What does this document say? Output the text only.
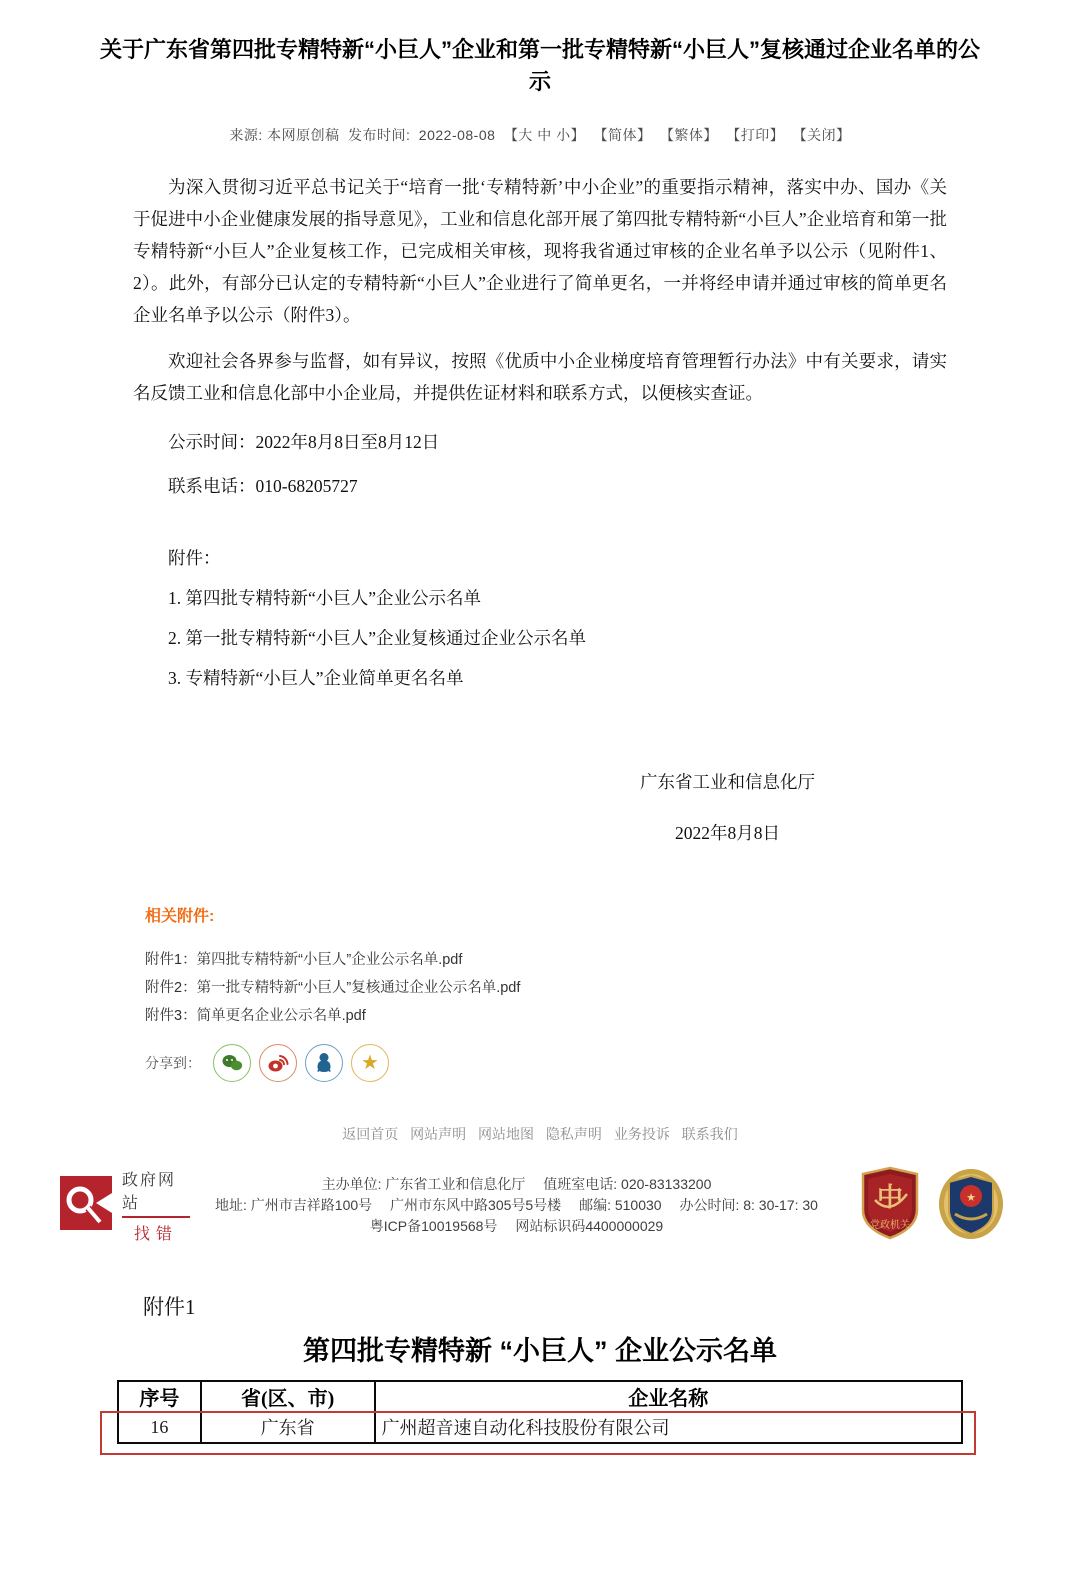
关于广东省第四批专精特新“小巨人”企业和第一批专精特新“小巨人”复核通过企业名单的公示
来源: 本网原创稿 发布时间: 2022-08-08 【大 中 小】 【简体】 【繁体】 【打印】 【关闭】

为深入贯彻习近平总书记关于“培育一批‘专精特新’中小企业”的重要指示精神，落实中办、国办《关于促进中小企业健康发展的指导意见》，工业和信息化部开展了第四批专精特新“小巨人”企业培育和第一批专精特新“小巨人”企业复核工作，已完成相关审核，现将我省通过审核的企业名单予以公示（见附件1、2）。此外，有部分已认定的专精特新“小巨人”企业进行了简单更名，一并将经申请并通过审核的简单更名企业名单予以公示（附件3）。

欢迎社会各界参与监督，如有异议，按照《优质中小企业梯度培育管理暂行办法》中有关要求，请实名反馈工业和信息化部中小企业局，并提供佐证材料和联系方式，以便核实查证。

公示时间：2022年8月8日至8月12日

联系电话：010-68205727

附件：

1. 第四批专精特新“小巨人”企业公示名单

2. 第一批专精特新“小巨人”企业复核通过企业公示名单

3. 专精特新“小巨人”企业简单更名名单

广东省工业和信息化厅
2022年8月8日
相关附件:
附件1：第四批专精特新“小巨人”企业公示名单.pdf
附件2：第一批专精特新“小巨人”复核通过企业公示名单.pdf
附件3：简单更名企业公示名单.pdf
分享到：	★
返回首页 网站声明 网站地图 隐私声明 业务投诉 联系我们
政府网站
找错
主办单位: 广东省工业和信息化厅　 值班室电话: 020-83133200
地址: 广州市吉祥路100号　 广州市东风中路305号5号楼　 邮编: 510030　 办公时间: 8: 30-17: 30
粤ICP备10019568号　 网站标识码4400000029
中
党政机关
★
附件1
第四批专精特新 “小巨人” 企业公示名单
序号	省(区、市)	企业名称
16	广东省	广州超音速自动化科技股份有限公司
